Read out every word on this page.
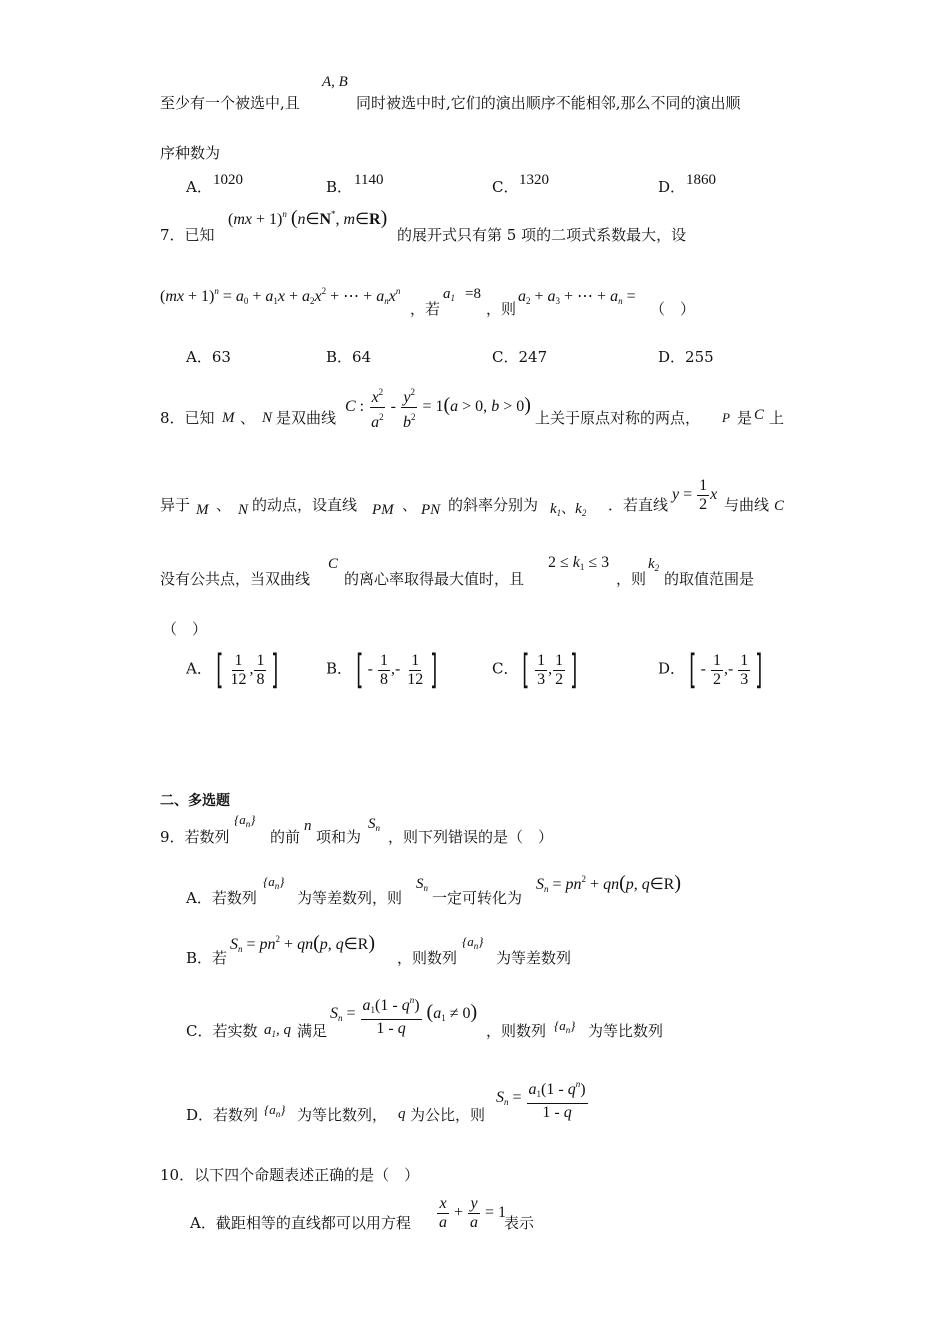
至少有一个被选中,且
A, B
同时被选中时,它们的演出顺序不能相邻,那么不同的演出顺
序种数为
A． 1020	B． 1140	C． 1320	D． 1860
7．已知
(mx + 1)$^n$ (n∈N*, m∈R)
的展开式只有第 5 项的二项式系数最大，设
$(mx + 1)^n = a_0 + a_1x + a_2x^2$ + ⋯ + $a_nx^n$
，若
$a_1 =8$
，则
$a_2 + a_3$ + ⋯ + $a_n$ =
（　）
A．63	B．64	C．247	D．255
8．已知 M 、 N 是双曲线
C : $\frac{x^2}{a^2} - \frac{y^2}{b^2} = 1(a > 0$, b > 0)
上关于原点对称的两点， P 是 C 上
异于 M 、 N 的动点，设直线 PM 、 PN 的斜率分别为 $k_1$、$k_2$ ．若直线
$y = \frac{1}{2}$ x
与曲线 C
没有公共点，当双曲线
C
的离心率取得最大值时，且
$2 \le k_1 \le 3$
，则
$k_2$
的取值范围是
（　）
A． [ $\frac{1}{12}$ , $\frac{1}{8}$ ]	B． [ - $\frac{1}{8}$ ,- $\frac{1}{12}$ ]	C． [ $\frac{1}{3}$ , $\frac{1}{2}$ ]	D． [ - $\frac{1}{2}$ ,- $\frac{1}{3}$ ]
二、多选题
9．若数列
$\{a_n\}$
的前
n
项和为
$S_n$ ，则下列错误的是（　）
A．若数列
$\{a_n\}$
为等差数列，则
$S_n$
一定可转化为
$S_n = pn^2 + qn(p$, q∈R)
B．若
$S_n = pn^2 + qn(p$, q∈R)
，则数列
$\{a_n\}$
为等差数列
C．若实数 $a_1$, q 满足
$S_n = \frac{a_1(1 - q^n)}{1 - q} (a_1 \ne 0)$
，则数列 $\{a_n\}$ 为等比数列
D．若数列 $\{a_n\}$ 为等比数列， q 为公比，则
$S_n = \frac{a_1(1 - q^n)}{1 - q}$
10．以下四个命题表述正确的是（　）
A．截距相等的直线都可以用方程 $\frac{x}{a} + \frac{y}{a} = 1$
表示
